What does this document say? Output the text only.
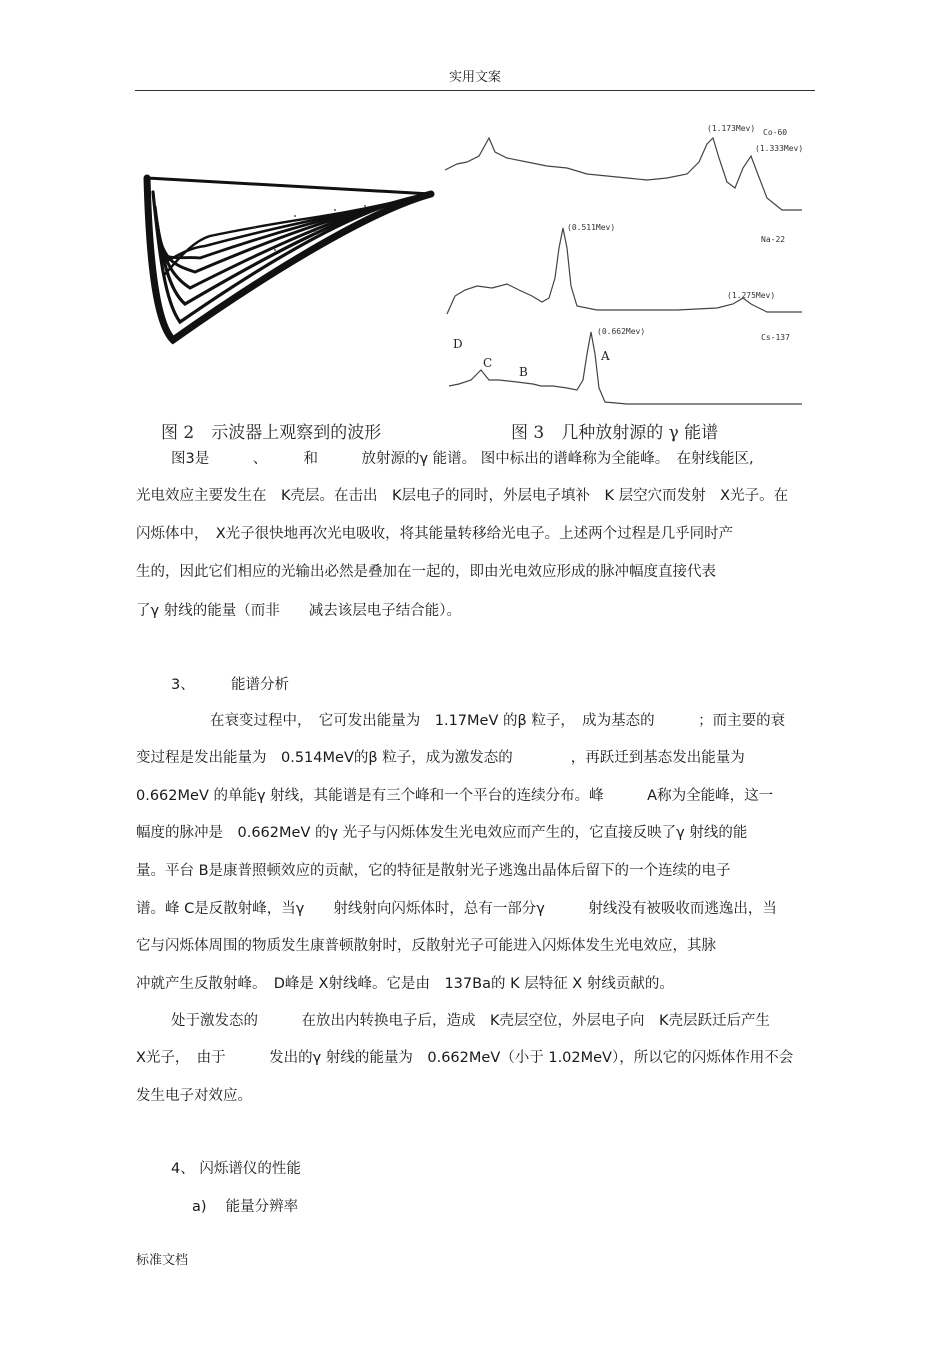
实用文案
图 2　示波器上观察到的波形
(1.173Mev)
(1.333Mev)
Co-60
(0.511Mev)
(1.275Mev)
Na-22
(0.662Mev)
Cs-137
D
C
B
A
图 3　几种放射源的 γ 能谱
图3是　　　、　　　和　　　放射源的γ 能谱。 图中标出的谱峰称为全能峰。　在射线能区,
光电效应主要发生在　K壳层。在击出　K层电子的同时，外层电子填补　K 层空穴而发射　X光子。在
闪烁体中，　X光子很快地再次光电吸收，将其能量转移给光电子。上述两个过程是几乎同时产
生的，因此它们相应的光输出必然是叠加在一起的，即由光电效应形成的脉冲幅度直接代表
了γ 射线的能量（而非　　减去该层电子结合能）。
3、　　　能谱分析
在衰变过程中，　它可发出能量为　1.17MeV 的β 粒子，　成为基态的　　　；而主要的衰
变过程是发出能量为　0.514MeV的β 粒子，成为激发态的　　　　，再跃迁到基态发出能量为
0.662MeV 的单能γ 射线，其能谱是有三个峰和一个平台的连续分布。峰　　　A称为全能峰，这一
幅度的脉冲是　0.662MeV 的γ 光子与闪烁体发生光电效应而产生的，它直接反映了γ 射线的能
量。平台 B是康普照顿效应的贡献，它的特征是散射光子逃逸出晶体后留下的一个连续的电子
谱。峰 C是反散射峰，当γ　　射线射向闪烁体时，总有一部分γ　　　射线没有被吸收而逃逸出，当
它与闪烁体周围的物质发生康普顿散射时，反散射光子可能进入闪烁体发生光电效应，其脉
冲就产生反散射峰。　D峰是 X射线峰。它是由　137Ba的 K 层特征 X 射线贡献的。
处于激发态的　　　在放出内转换电子后，造成　K壳层空位，外层电子向　K壳层跃迁后产生
X光子，　由于　　　发出的γ 射线的能量为　0.662MeV（小于 1.02MeV），所以它的闪烁体作用不会
发生电子对效应。
4、 闪烁谱仪的性能
a)　 能量分辨率
标准文档
